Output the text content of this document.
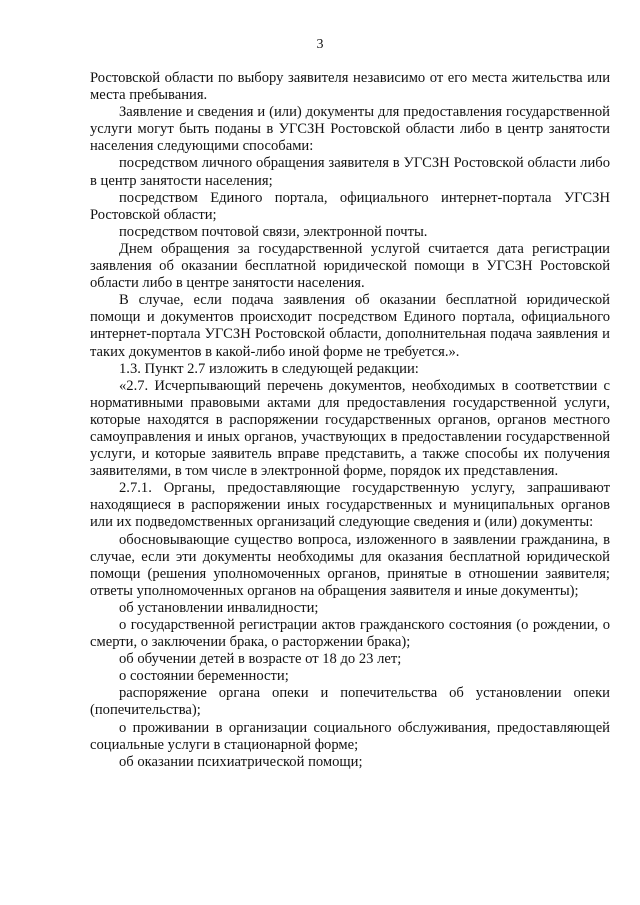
3

Ростовской области по выбору заявителя независимо от его места жительства или места пребывания.

Заявление и сведения и (или) документы для предоставления государственной услуги могут быть поданы в УГСЗН Ростовской области либо в центр занятости населения следующими способами:

посредством личного обращения заявителя в УГСЗН Ростовской области либо в центр занятости населения;

посредством Единого портала, официального интернет-портала УГСЗН Ростовской области;

посредством почтовой связи, электронной почты.

Днем обращения за государственной услугой считается дата регистрации заявления об оказании бесплатной юридической помощи в УГСЗН Ростовской области либо в центре занятости населения.

В случае, если подача заявления об оказании бесплатной юридической помощи и документов происходит посредством Единого портала, официального интернет-портала УГСЗН Ростовской области, дополнительная подача заявления и таких документов в какой-либо иной форме не требуется.».

1.3. Пункт 2.7 изложить в следующей редакции:

«2.7. Исчерпывающий перечень документов, необходимых в соответствии с нормативными правовыми актами для предоставления государственной услуги, которые находятся в распоряжении государственных органов, органов местного самоуправления и иных органов, участвующих в предоставлении государственной услуги, и которые заявитель вправе представить, а также способы их получения заявителями, в том числе в электронной форме, порядок их представления.

2.7.1. Органы, предоставляющие государственную услугу, запрашивают находящиеся в распоряжении иных государственных и муниципальных органов или их подведомственных организаций следующие сведения и (или) документы:

обосновывающие существо вопроса, изложенного в заявлении гражданина, в случае, если эти документы необходимы для оказания бесплатной юридической помощи (решения уполномоченных органов, принятые в отношении заявителя; ответы уполномоченных органов на обращения заявителя и иные документы);

об установлении инвалидности;

о государственной регистрации актов гражданского состояния (о рождении, о смерти, о заключении брака, о расторжении брака);

об обучении детей в возрасте от 18 до 23 лет;

о состоянии беременности;

распоряжение органа опеки и попечительства об установлении опеки (попечительства);

о проживании в организации социального обслуживания, предоставляющей социальные услуги в стационарной форме;

об оказании психиатрической помощи;
